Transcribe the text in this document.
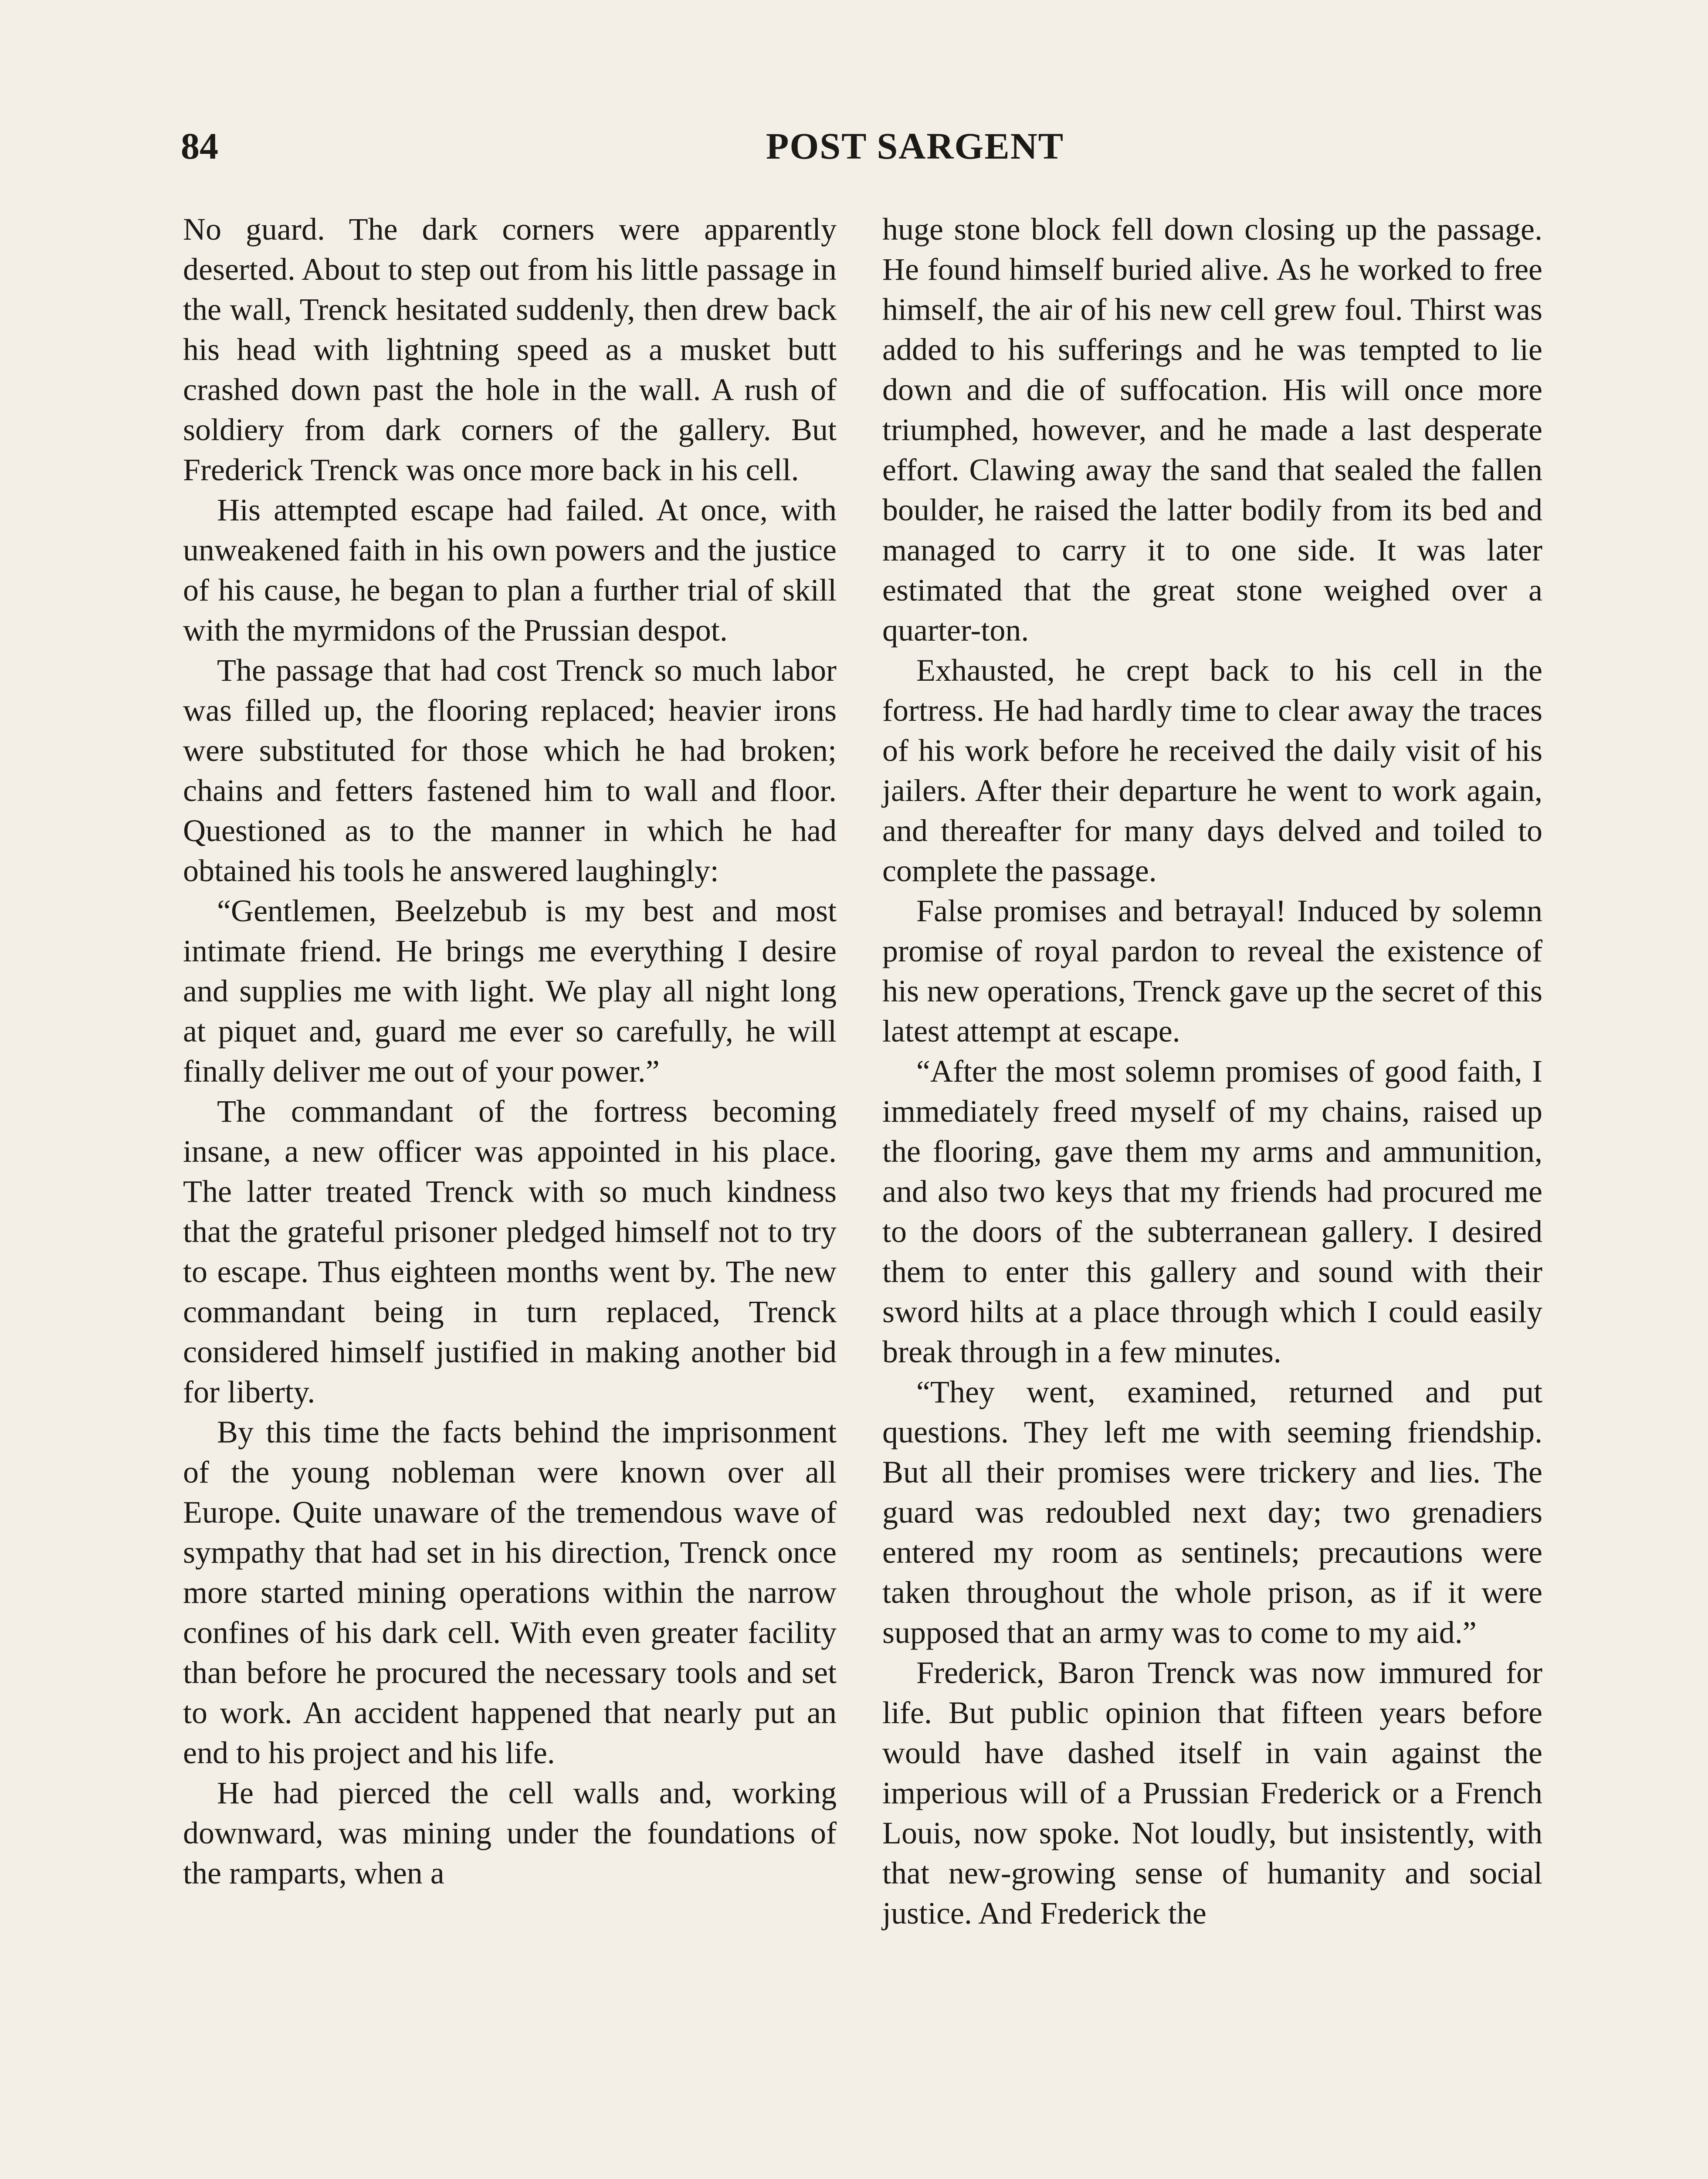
84	POST SARGENT

No guard. The dark corners were apparently deserted. About to step out from his little passage in the wall, Trenck hesitated suddenly, then drew back his head with lightning speed as a musket butt crashed down past the hole in the wall. A rush of soldiery from dark corners of the gallery. But Frederick Trenck was once more back in his cell.

His attempted escape had failed. At once, with unweakened faith in his own powers and the justice of his cause, he began to plan a further trial of skill with the myrmidons of the Prussian despot.

The passage that had cost Trenck so much labor was filled up, the flooring replaced; heavier irons were substituted for those which he had broken; chains and fetters fastened him to wall and floor. Questioned as to the manner in which he had obtained his tools he answered laughingly:

“Gentlemen, Beelzebub is my best and most intimate friend. He brings me everything I desire and supplies me with light. We play all night long at piquet and, guard me ever so carefully, he will finally deliver me out of your power.”

The commandant of the fortress becoming insane, a new officer was appointed in his place. The latter treated Trenck with so much kindness that the grateful prisoner pledged himself not to try to escape. Thus eighteen months went by. The new commandant being in turn replaced, Trenck considered himself justified in making another bid for liberty.

By this time the facts behind the imprisonment of the young nobleman were known over all Europe. Quite unaware of the tremendous wave of sympathy that had set in his direction, Trenck once more started mining operations within the narrow confines of his dark cell. With even greater facility than before he procured the necessary tools and set to work. An accident happened that nearly put an end to his project and his life.

He had pierced the cell walls and, working downward, was mining under the foundations of the ramparts, when a

huge stone block fell down closing up the passage. He found himself buried alive. As he worked to free himself, the air of his new cell grew foul. Thirst was added to his sufferings and he was tempted to lie down and die of suffocation. His will once more triumphed, however, and he made a last desperate effort. Clawing away the sand that sealed the fallen boulder, he raised the latter bodily from its bed and managed to carry it to one side. It was later estimated that the great stone weighed over a quarter-ton.

Exhausted, he crept back to his cell in the fortress. He had hardly time to clear away the traces of his work before he received the daily visit of his jailers. After their departure he went to work again, and thereafter for many days delved and toiled to complete the passage.

False promises and betrayal! Induced by solemn promise of royal pardon to reveal the existence of his new operations, Trenck gave up the secret of this latest attempt at escape.

“After the most solemn promises of good faith, I immediately freed myself of my chains, raised up the flooring, gave them my arms and ammunition, and also two keys that my friends had procured me to the doors of the subterranean gallery. I desired them to enter this gallery and sound with their sword hilts at a place through which I could easily break through in a few minutes.

“They went, examined, returned and put questions. They left me with seeming friendship. But all their promises were trickery and lies. The guard was redoubled next day; two grenadiers entered my room as sentinels; precautions were taken throughout the whole prison, as if it were supposed that an army was to come to my aid.”

Frederick, Baron Trenck was now immured for life. But public opinion that fifteen years before would have dashed itself in vain against the imperious will of a Prussian Frederick or a French Louis, now spoke. Not loudly, but insistently, with that new-growing sense of humanity and social justice. And Frederick the
